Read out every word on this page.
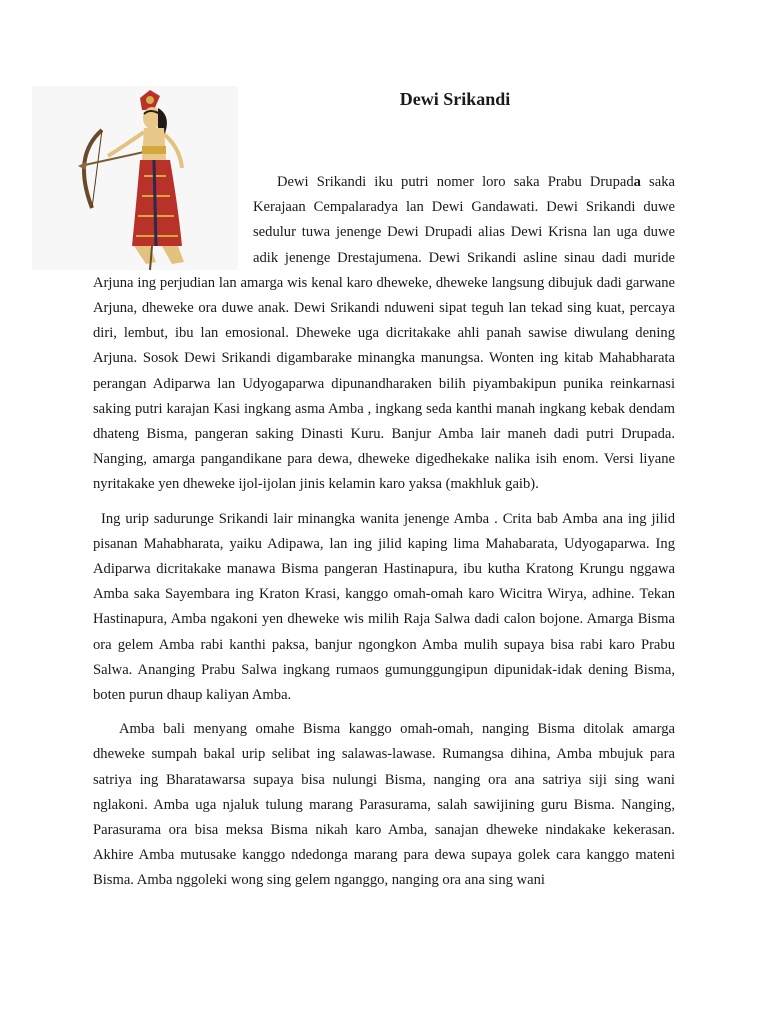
Dewi Srikandi

Dewi Srikandi iku putri nomer loro saka Prabu Drupada saka Kerajaan Cempalaradya lan Dewi Gandawati. Dewi Srikandi duwe sedulur tuwa jenenge Dewi Drupadi alias Dewi Krisna lan uga duwe adik jenenge Drestajumena. Dewi Srikandi asline sinau dadi muride Arjuna ing perjudian lan amarga wis kenal karo dheweke, dheweke langsung dibujuk dadi garwane Arjuna, dheweke ora duwe anak. Dewi Srikandi nduweni sipat teguh lan tekad sing kuat, percaya diri, lembut, ibu lan emosional. Dheweke uga dicritakake ahli panah sawise diwulang dening Arjuna. Sosok Dewi Srikandi digambarake minangka manungsa. Wonten ing kitab Mahabharata perangan Adiparwa lan Udyogaparwa dipunandharaken bilih piyambakipun punika reinkarnasi saking putri karajan Kasi ingkang asma Amba , ingkang seda kanthi manah ingkang kebak dendam dhateng Bisma, pangeran saking Dinasti Kuru. Banjur Amba lair maneh dadi putri Drupada. Nanging, amarga pangandikane para dewa, dheweke digedhekake nalika isih enom. Versi liyane nyritakake yen dheweke ijol-ijolan jinis kelamin karo yaksa (makhluk gaib).

Ing urip sadurunge Srikandi lair minangka wanita jenenge Amba . Crita bab Amba ana ing jilid pisanan Mahabharata, yaiku Adipawa, lan ing jilid kaping lima Mahabarata, Udyogaparwa. Ing Adiparwa dicritakake manawa Bisma pangeran Hastinapura, ibu kutha Kratong Krungu nggawa Amba saka Sayembara ing Kraton Krasi, kanggo omah-omah karo Wicitra Wirya, adhine. Tekan Hastinapura, Amba ngakoni yen dheweke wis milih Raja Salwa dadi calon bojone. Amarga Bisma ora gelem Amba rabi kanthi paksa, banjur ngongkon Amba mulih supaya bisa rabi karo Prabu Salwa. Ananging Prabu Salwa ingkang rumaos gumunggungipun dipunidak-idak dening Bisma, boten purun dhaup kaliyan Amba.

Amba bali menyang omahe Bisma kanggo omah-omah, nanging Bisma ditolak amarga dheweke sumpah bakal urip selibat ing salawas-lawase. Rumangsa dihina, Amba mbujuk para satriya ing Bharatawarsa supaya bisa nulungi Bisma, nanging ora ana satriya siji sing wani nglakoni. Amba uga njaluk tulung marang Parasurama, salah sawijining guru Bisma. Nanging, Parasurama ora bisa meksa Bisma nikah karo Amba, sanajan dheweke nindakake kekerasan. Akhire Amba mutusake kanggo ndedonga marang para dewa supaya golek cara kanggo mateni Bisma. Amba nggoleki wong sing gelem nganggo, nanging ora ana sing wani
